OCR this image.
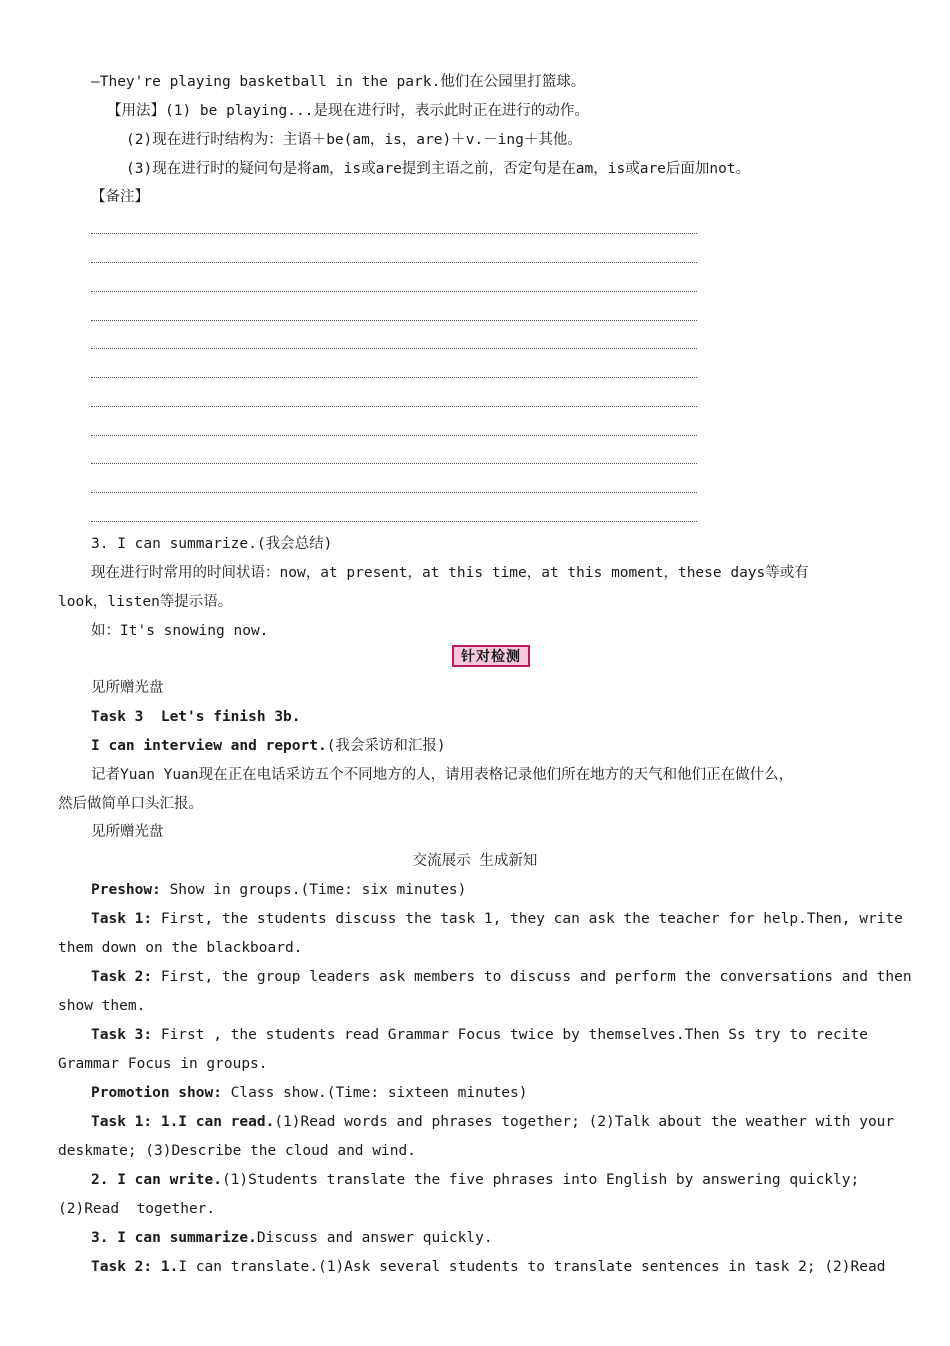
—They're playing basketball in the park.他们在公园里打篮球。
【用法】(1) be playing...是现在进行时，表示此时正在进行的动作。
(2)现在进行时结构为：主语＋be(am，is，are)＋v.－ing＋其他。
(3)现在进行时的疑问句是将am，is或are提到主语之前，否定句是在am，is或are后面加not。
【备注】
3. I can summarize.(我会总结)
现在进行时常用的时间状语：now，at present，at this time，at this moment，these days等或有
look，listen等提示语。
如：It's snowing now.
针对检测
见所赠光盘
Task 3  Let's finish 3b.
I can interview and report.(我会采访和汇报)
记者Yuan Yuan现在正在电话采访五个不同地方的人，请用表格记录他们所在地方的天气和他们正在做什么，
然后做简单口头汇报。
见所赠光盘
交流展示 生成新知
Preshow: Show in groups.(Time: six minutes)
Task 1: First, the students discuss the task 1, they can ask the teacher for help.Then, write
them down on the blackboard.
Task 2: First, the group leaders ask members to discuss and perform the conversations and then
show them.
Task 3: First , the students read Grammar Focus twice by themselves.Then Ss try to recite
Grammar Focus in groups.
Promotion show: Class show.(Time: sixteen minutes)
Task 1: 1.I can read.(1)Read words and phrases together; (2)Talk about the weather with your
deskmate; (3)Describe the cloud and wind.
2. I can write.(1)Students translate the five phrases into English by answering quickly;
(2)Read  together.
3. I can summarize.Discuss and answer quickly.
Task 2: 1.I can translate.(1)Ask several students to translate sentences in task 2; (2)Read
